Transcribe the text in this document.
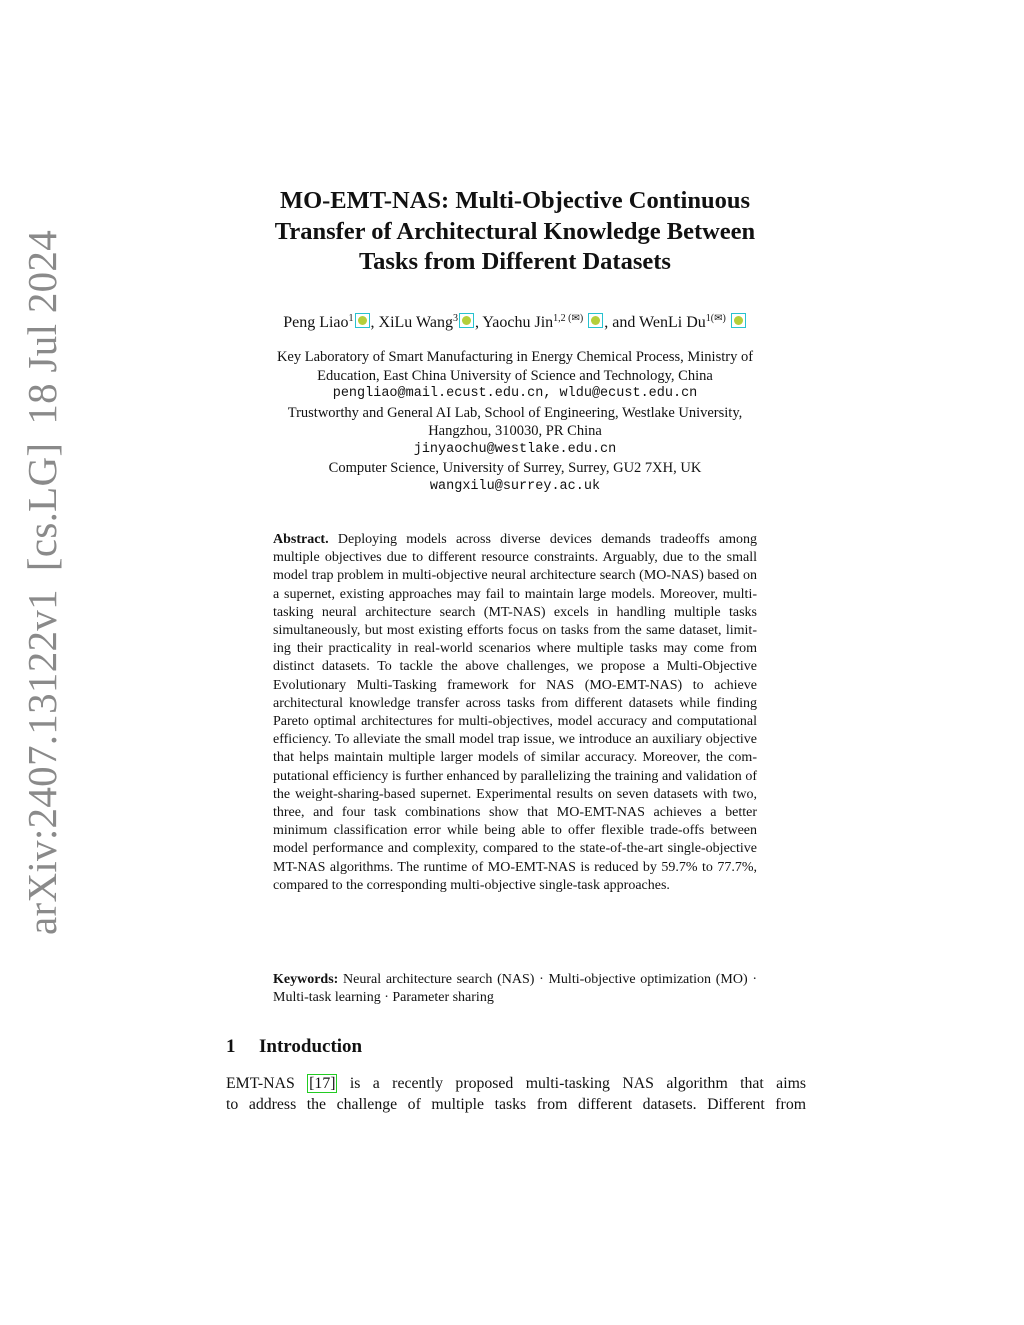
arXiv:2407.13122v1[cs.LG]18 Jul 2024
MO-EMT-NAS: Multi-Objective Continuous
Transfer of Architectural Knowledge Between
Tasks from Different Datasets
Peng Liao$^1$ , XiLu Wang$^3$ , Yaochu Jin$^{1,2 (✉)}$ , and WenLi $Du^{1(✉)}$
Key Laboratory of Smart Manufacturing in Energy Chemical Process, Ministry of
Education, East China University of Science and Technology, China
pengliao@mail.ecust.edu.cn, wldu@ecust.edu.cn
Trustworthy and General AI Lab, School of Engineering, Westlake University,
Hangzhou, 310030, PR China
jinyaochu@westlake.edu.cn
Computer Science, University of Surrey, Surrey, GU2 7XH, UK
wangxilu@surrey.ac.uk
Abstract. Deploying models across diverse devices demands tradeoffs among multiple objectives due to different resource constraints. Arguably, due to the small model trap problem in multi-objective neural architecture search (MO-NAS) based on a supernet, existing approaches may fail to maintain large models. Moreover, multi-tasking neural architecture search (MT-NAS) excels in handling multiple tasks simultaneously, but most existing efforts focus on tasks from the same dataset, limiting their practicality in real-world scenarios where multiple tasks may come from distinct datasets. To tackle the above challenges, we propose a Multi-Objective Evolutionary Multi-Tasking framework for NAS (MO-EMT-NAS) to achieve architectural knowledge transfer across tasks from different datasets while finding Pareto optimal architectures for multi-objectives, model accuracy and computational efficiency. To alleviate the small model trap issue, we introduce an auxiliary objective that helps maintain multiple larger models of similar accuracy. Moreover, the computational efficiency is further enhanced by parallelizing the training and validation of the weight-sharing-based supernet. Experimental results on seven datasets with two, three, and four task combinations show that MO-EMT-NAS achieves a better minimum classification error while being able to offer flexible trade-offs between model performance and complexity, compared to the state-of-the-art single-objective MT-NAS algorithms. The runtime of MO-EMT-NAS is reduced by 59.7% to 77.7%, compared to the corresponding multi-objective single-task approaches.
Keywords: Neural architecture search (NAS) · Multi-objective optimization (MO) · Multi-task learning · Parameter sharing
1 Introduction
EMT-NAS [17] is a recently proposed multi-tasking NAS algorithm that aims
to address the challenge of multiple tasks from different datasets. Different from
